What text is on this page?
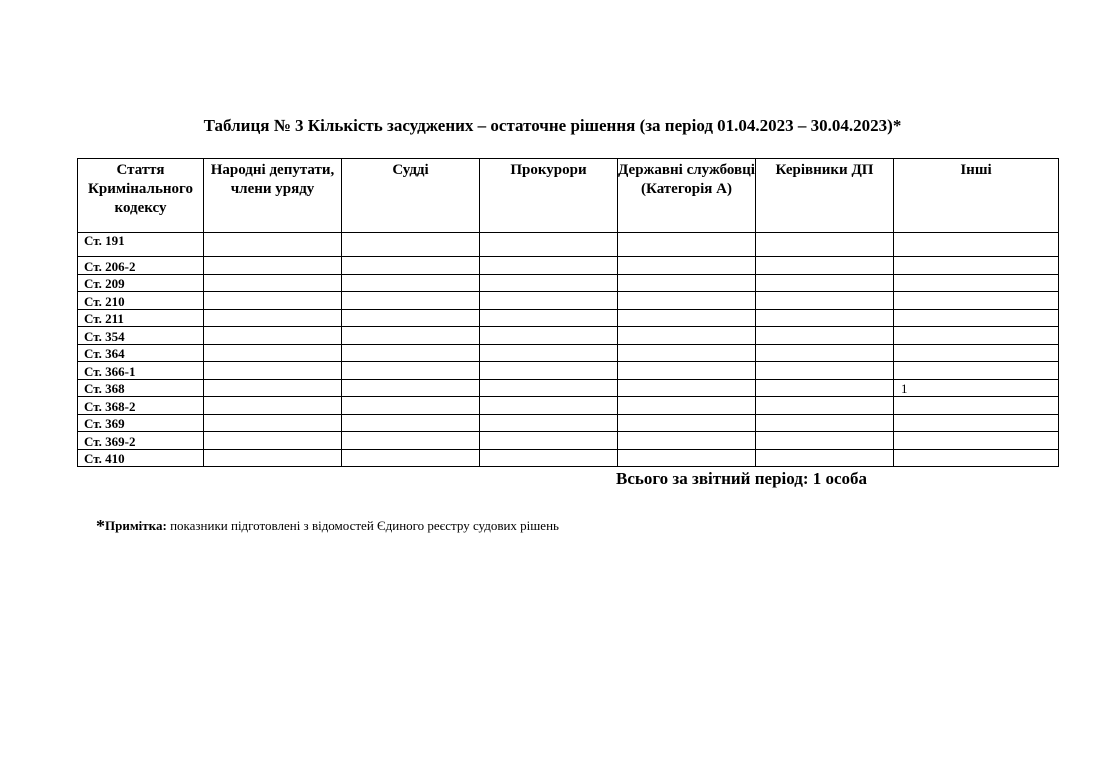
Таблиця № 3 Кількість засуджених – остаточне рішення (за період 01.04.2023 – 30.04.2023)*
Стаття Кримінального кодексу	Народні депутати, члени уряду	Судді	Прокурори	Державні службовці (Категорія А)	Керівники ДП	Інші
Ст. 191						
Ст. 206-2						
Ст. 209						
Ст. 210						
Ст. 211						
Ст. 354						
Ст. 364						
Ст. 366-1						
Ст. 368						1
Ст. 368-2						
Ст. 369						
Ст. 369-2						
Ст. 410						
Всього за звітний період: 1 особа
*Примітка: показники підготовлені з відомостей Єдиного реєстру судових рішень
